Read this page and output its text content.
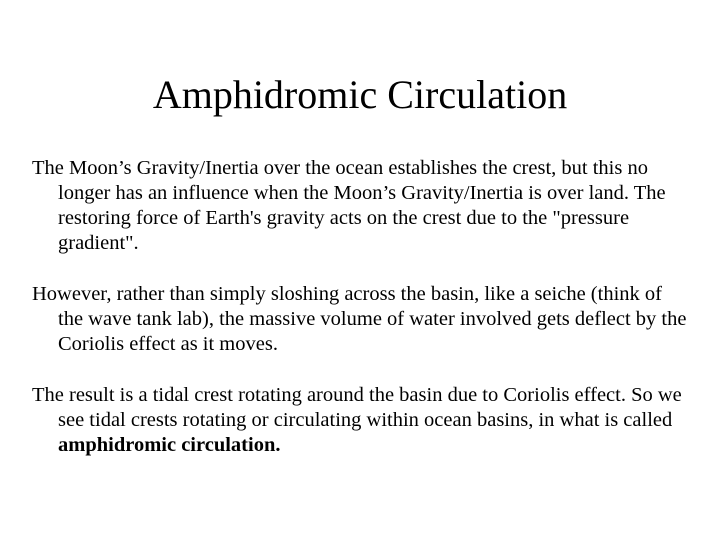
Amphidromic Circulation

The Moon’s Gravity/Inertia over the ocean establishes the crest, but this no longer has an influence when the Moon’s Gravity/Inertia is over land. The restoring force of Earth's gravity acts on the crest due to the "pressure gradient".

However, rather than simply sloshing across the basin, like a seiche (think of the wave tank lab), the massive volume of water involved gets deflect by the Coriolis effect as it moves.

The result is a tidal crest rotating around the basin due to Coriolis effect. So we see tidal crests rotating or circulating within ocean basins, in what is called amphidromic circulation.
